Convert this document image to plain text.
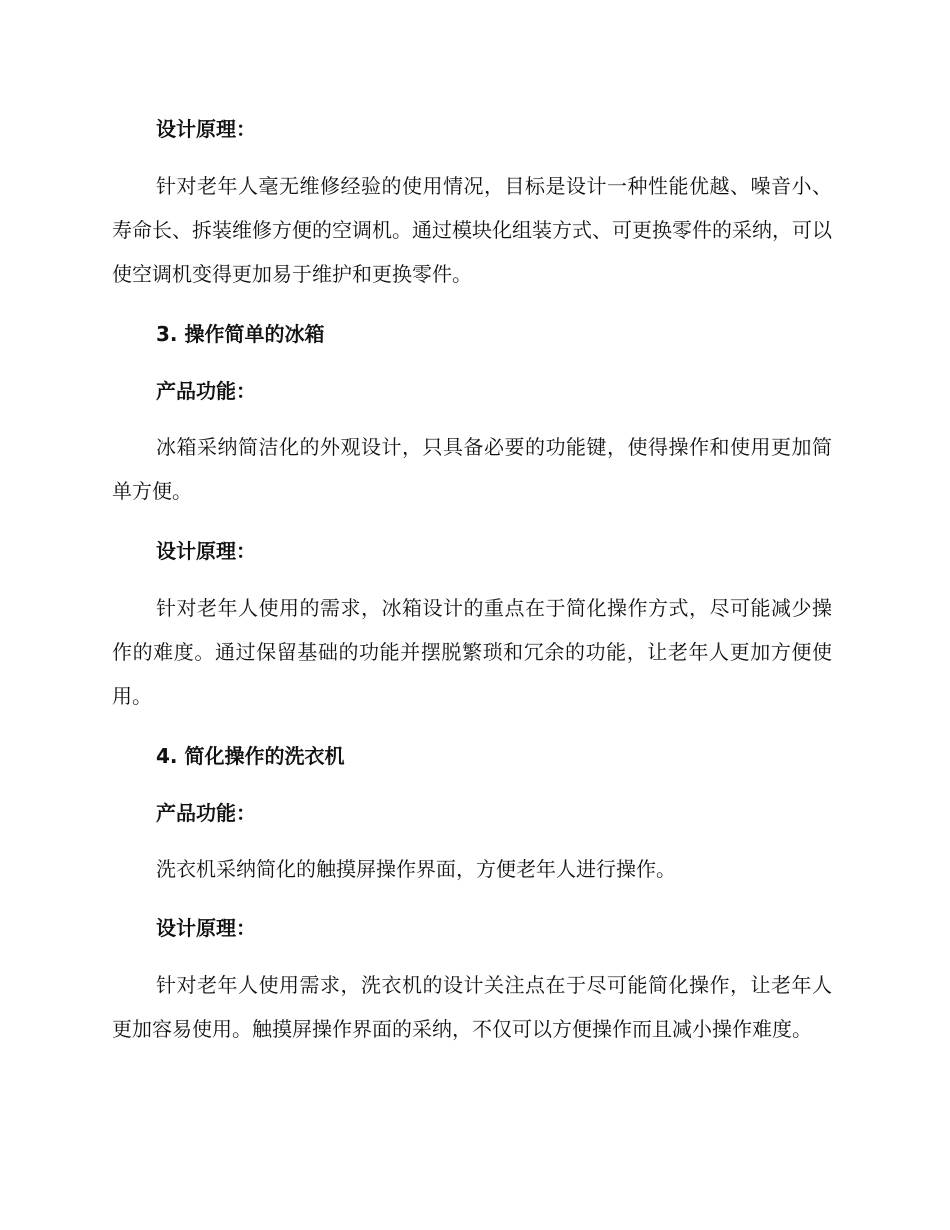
设计原理：
针对老年人毫无维修经验的使用情况，目标是设计一种性能优越、噪音小、寿命长、拆装维修方便的空调机。通过模块化组装方式、可更换零件的采纳，可以使空调机变得更加易于维护和更换零件。
3. 操作简单的冰箱
产品功能：
冰箱采纳简洁化的外观设计，只具备必要的功能键，使得操作和使用更加简单方便。
设计原理：
针对老年人使用的需求，冰箱设计的重点在于简化操作方式，尽可能减少操作的难度。通过保留基础的功能并摆脱繁琐和冗余的功能，让老年人更加方便使用。
4. 简化操作的洗衣机
产品功能：
洗衣机采纳简化的触摸屏操作界面，方便老年人进行操作。
设计原理：
针对老年人使用需求，洗衣机的设计关注点在于尽可能简化操作，让老年人更加容易使用。触摸屏操作界面的采纳，不仅可以方便操作而且减小操作难度。
